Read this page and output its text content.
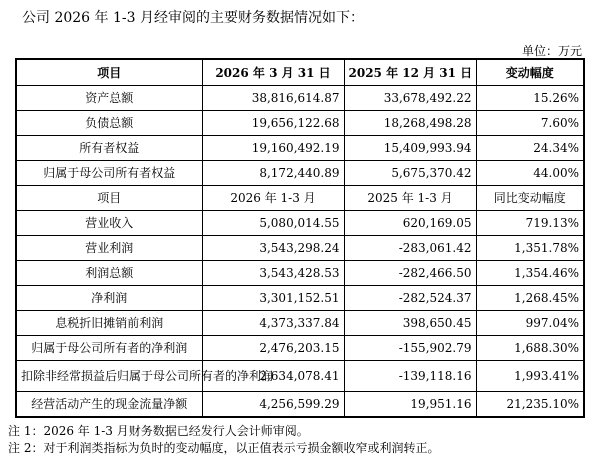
公司 2026 年 1-3 月经审阅的主要财务数据情况如下：
单位：万元
项目	2026 年 3 月 31 日	2025 年 12 月 31 日	变动幅度
资产总额	38,816,614.87	33,678,492.22	15.26%
负债总额	19,656,122.68	18,268,498.28	7.60%
所有者权益	19,160,492.19	15,409,993.94	24.34%
归属于母公司所有者权益	8,172,440.89	5,675,370.42	44.00%
项目	2026 年 1-3 月	2025 年 1-3 月	同比变动幅度
营业收入	5,080,014.55	620,169.05	719.13%
营业利润	3,543,298.24	-283,061.42	1,351.78%
利润总额	3,543,428.53	-282,466.50	1,354.46%
净利润	3,301,152.51	-282,524.37	1,268.45%
息税折旧摊销前利润	4,373,337.84	398,650.45	997.04%
归属于母公司所有者的净利润	2,476,203.15	-155,902.79	1,688.30%
扣除非经常损益后归属于母公司所有者的净利润	2,634,078.41	-139,118.16	1,993.41%
经营活动产生的现金流量净额	4,256,599.29	19,951.16	21,235.10%
注 1：2026 年 1-3 月财务数据已经发行人会计师审阅。
注 2：对于利润类指标为负时的变动幅度，以正值表示亏损金额收窄或利润转正。
